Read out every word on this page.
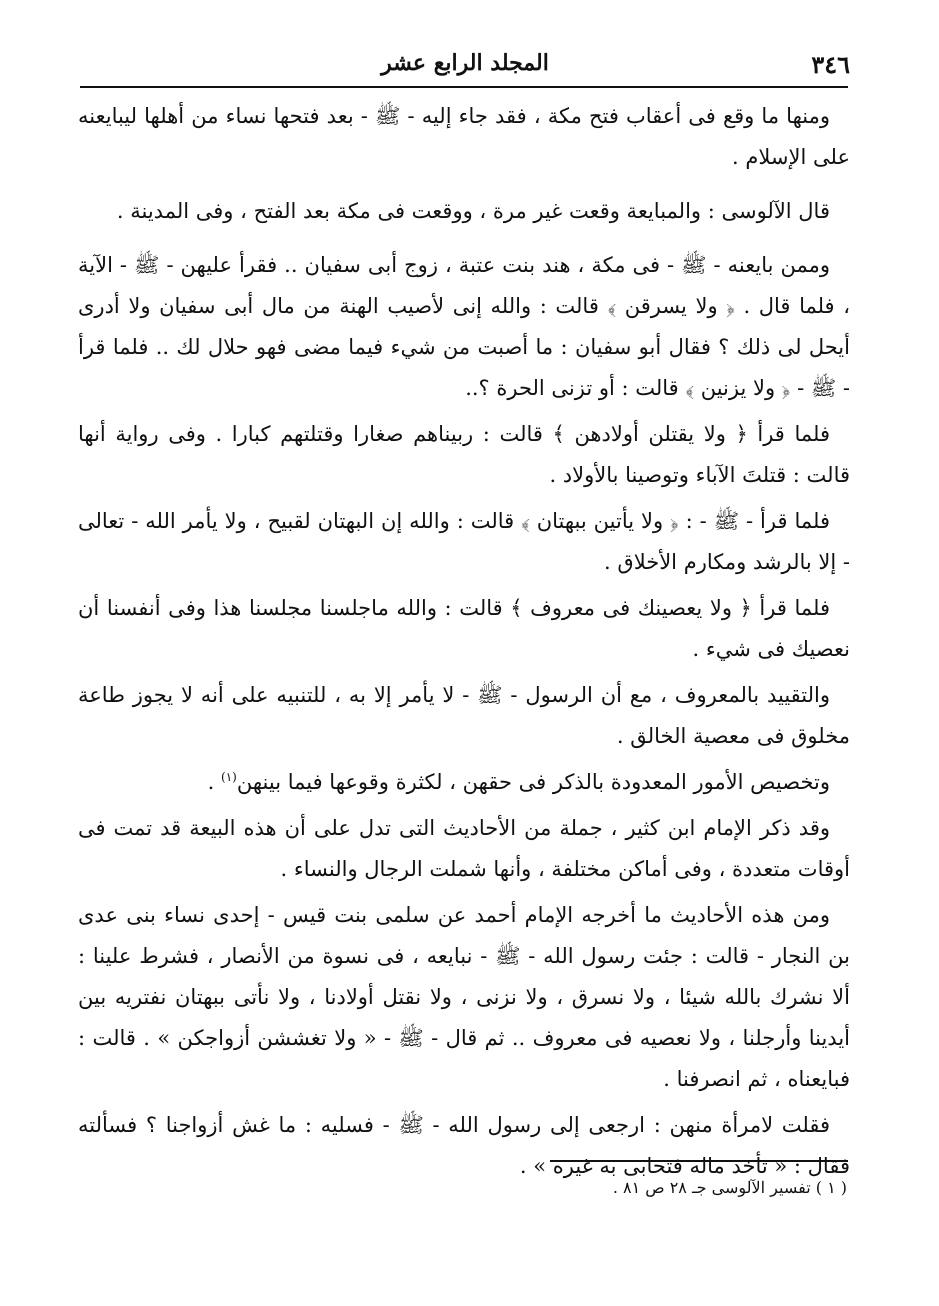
٣٤٦
المجلد الرابع عشر

ومنها ما وقع فى أعقاب فتح مكة ، فقد جاء إليه - ﷺ - بعد فتحها نساء من أهلها ليبايعنه على الإسلام .

قال الآلوسى : والمبايعة وقعت غير مرة ، ووقعت فى مكة بعد الفتح ، وفى المدينة .

وممن بايعنه - ﷺ - فى مكة ، هند بنت عتبة ، زوج أبى سفيان .. فقرأ عليهن - ﷺ - الآية ، فلما قال . ﴿ ولا يسرقن ﴾ قالت : والله إنى لأصيب الهنة من مال أبى سفيان ولا أدرى أيحل لى ذلك ؟ فقال أبو سفيان : ما أصبت من شيء فيما مضى فهو حلال لك .. فلما قرأ - ﷺ - ﴿ ولا يزنين ﴾ قالت : أو تزنى الحرة ؟..

فلما قرأ ﴿ ولا يقتلن أولادهن ﴾ قالت : ربيناهم صغارا وقتلتهم كبارا . وفى رواية أنها قالت : قتلتَ الآباء وتوصينا بالأولاد .

فلما قرأ - ﷺ - : ﴿ ولا يأتين ببهتان ﴾ قالت : والله إن البهتان لقبيح ، ولا يأمر الله - تعالى - إلا بالرشد ومكارم الأخلاق .

فلما قرأ ﴿ ولا يعصينك فى معروف ﴾ قالت : والله ماجلسنا مجلسنا هذا وفى أنفسنا أن نعصيك فى شيء .

والتقييد بالمعروف ، مع أن الرسول - ﷺ - لا يأمر إلا به ، للتنبيه على أنه لا يجوز طاعة مخلوق فى معصية الخالق .

وتخصيص الأمور المعدودة بالذكر فى حقهن ، لكثرة وقوعها فيما بينهن$^{(١)}$ .

وقد ذكر الإمام ابن كثير ، جملة من الأحاديث التى تدل على أن هذه البيعة قد تمت فى أوقات متعددة ، وفى أماكن مختلفة ، وأنها شملت الرجال والنساء .

ومن هذه الأحاديث ما أخرجه الإمام أحمد عن سلمى بنت قيس - إحدى نساء بنى عدى بن النجار - قالت : جئت رسول الله - ﷺ - نبايعه ، فى نسوة من الأنصار ، فشرط علينا : ألا نشرك بالله شيئا ، ولا نسرق ، ولا نزنى ، ولا نقتل أولادنا ، ولا نأتى ببهتان نفتريه بين أيدينا وأرجلنا ، ولا نعصيه فى معروف .. ثم قال - ﷺ - « ولا تغششن أزواجكن » . قالت : فبايعناه ، ثم انصرفنا .

فقلت لامرأة منهن : ارجعى إلى رسول الله - ﷺ - فسليه : ما غش أزواجنا ؟ فسألته فقال : « تأخذ ماله فتحابى به غيره » .

( ١ ) تفسير الآلوسى جـ ٢٨ ص ٨١ .
